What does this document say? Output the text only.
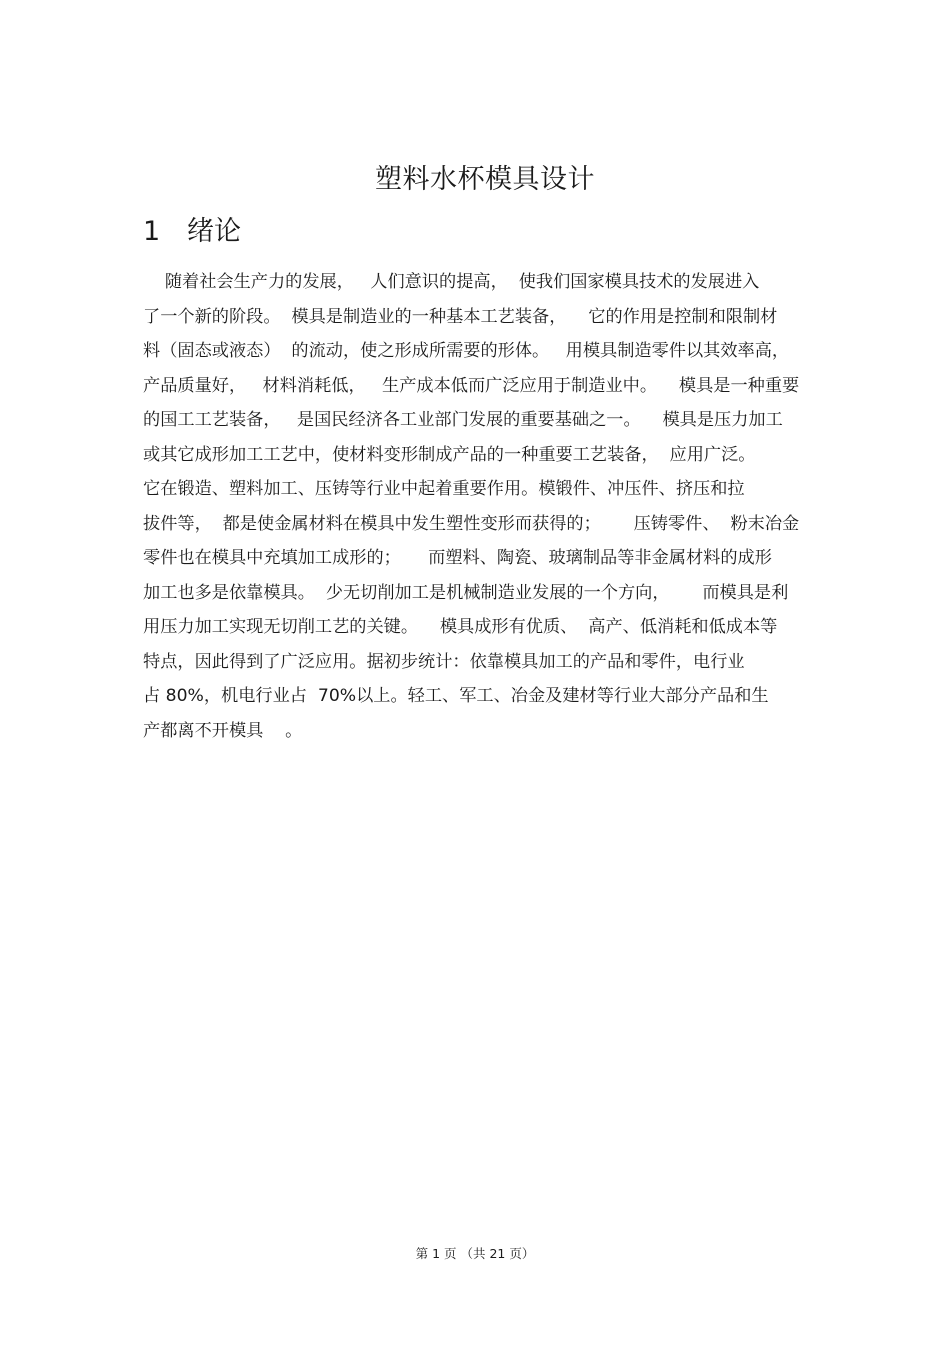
塑料水杯模具设计
1 绪论
随着社会生产力的发展，   人们意识的提高，  使我们国家模具技术的发展进入
了一个新的阶段。  模具是制造业的一种基本工艺装备，    它的作用是控制和限制材
料（固态或液态）  的流动，使之形成所需要的形体。   用模具制造零件以其效率高，
产品质量好，   材料消耗低，   生产成本低而广泛应用于制造业中。    模具是一种重要
的国工工艺装备，   是国民经济各工业部门发展的重要基础之一。    模具是压力加工
或其它成形加工工艺中，使材料变形制成产品的一种重要工艺装备，  应用广泛。
它在锻造、塑料加工、压铸等行业中起着重要作用。模锻件、冲压件、挤压和拉
拔件等，  都是使金属材料在模具中发生塑性变形而获得的；      压铸零件、  粉末冶金
零件也在模具中充填加工成形的；     而塑料、陶瓷、玻璃制品等非金属材料的成形
加工也多是依靠模具。  少无切削加工是机械制造业发展的一个方向，      而模具是利
用压力加工实现无切削工艺的关键。    模具成形有优质、  高产、低消耗和低成本等
特点，因此得到了广泛应用。据初步统计：依靠模具加工的产品和零件，电行业
占 80%，机电行业占  70%以上。轻工、军工、冶金及建材等行业大部分产品和生
产都离不开模具    。
第 1 页 （共 21 页）
